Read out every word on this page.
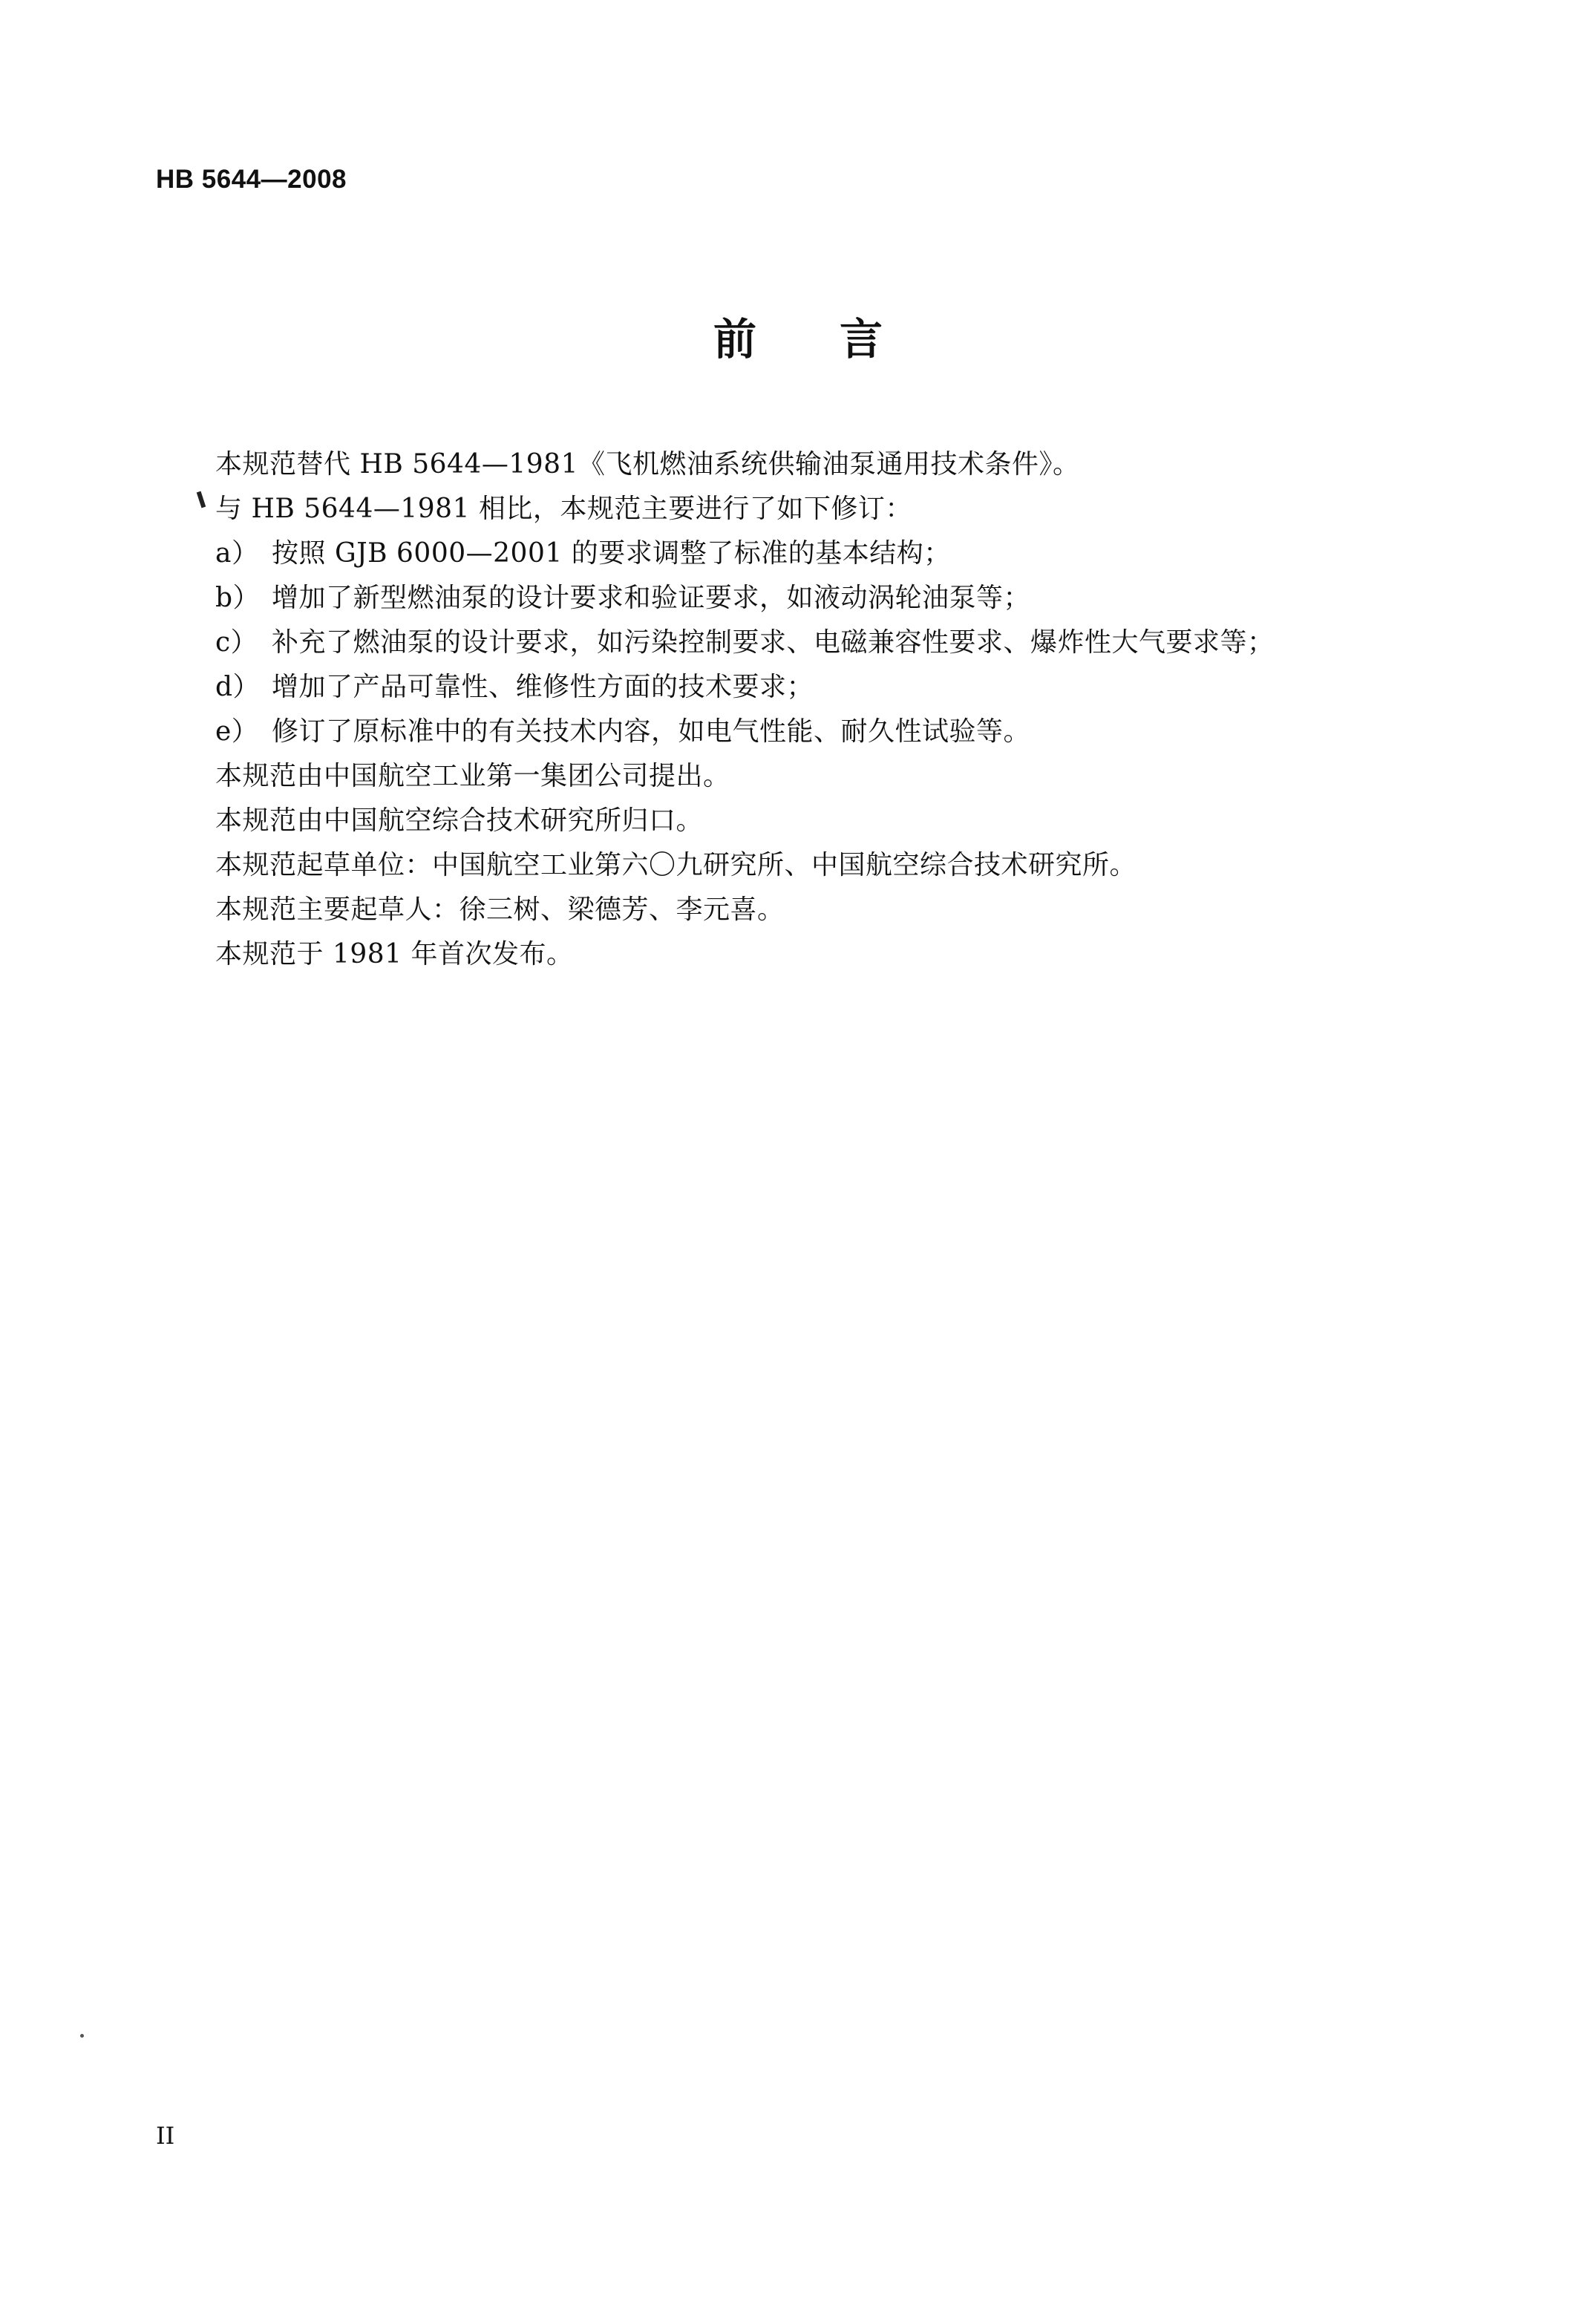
HB 5644—2008
前 言
本规范替代 HB 5644—1981《飞机燃油系统供输油泵通用技术条件》。
与 HB 5644—1981 相比，本规范主要进行了如下修订：
a） 按照 GJB 6000—2001 的要求调整了标准的基本结构；
b） 增加了新型燃油泵的设计要求和验证要求，如液动涡轮油泵等；
c） 补充了燃油泵的设计要求，如污染控制要求、电磁兼容性要求、爆炸性大气要求等；
d） 增加了产品可靠性、维修性方面的技术要求；
e） 修订了原标准中的有关技术内容，如电气性能、耐久性试验等。
本规范由中国航空工业第一集团公司提出。
本规范由中国航空综合技术研究所归口。
本规范起草单位：中国航空工业第六〇九研究所、中国航空综合技术研究所。
本规范主要起草人：徐三树、梁德芳、李元喜。
本规范于 1981 年首次发布。
II
